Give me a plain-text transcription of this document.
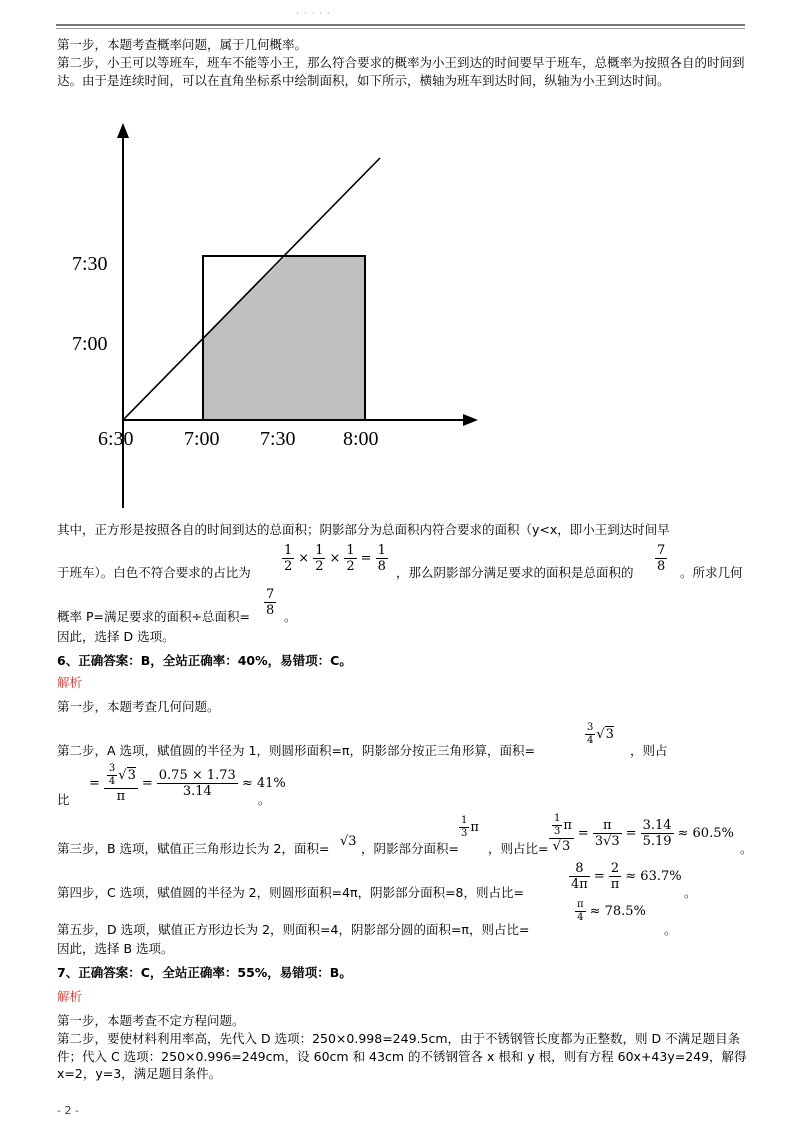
· · · · ·
第一步，本题考查概率问题，属于几何概率。
第二步，小王可以等班车，班车不能等小王，那么符合要求的概率为小王到达的时间要早于班车，总概率为按照各自的时间到达。由于是连续时间，可以在直角坐标系中绘制面积，如下所示，横轴为班车到达时间，纵轴为小王到达时间。
6:30	7:00 7:30 8:00
7:00
7:30
其中，正方形是按照各自的时间到达的总面积；阴影部分为总面积内符合要求的面积（y<x，即小王到达时间早
于班车）。白色不符合要求的占比为 $\frac{1}{2} \times \frac{1}{2} \times \frac{1}{2} = \frac{1}{8}$ ，那么阴影部分满足要求的面积是总面积的 $\frac{7}{8}$ 。所求几何
概率 P=满足要求的面积÷总面积= $\frac{7}{8}$ 。
因此，选择 D 选项。
6、正确答案：B，全站正确率：40%，易错项：C。
解析
第一步，本题考查几何问题。
第二步，A 选项，赋值圆的半径为 1，则圆形面积=π，阴影部分按正三角形算，面积=
$\frac{3}{4} √3$
，则占
比
= $\frac{\frac{3}{4} √3}{\pi} = \frac{0.75 \times 1.73}{3.14} \approx 41\%$
。
第三步，B 选项，赋值正三角形边长为 2，面积= √3 ，阴影部分面积=
$\frac{1}{3}$ π
，则占比= $\frac{\frac{1}{3} \pi}{√3} = \frac{\pi}{3√3} = \frac{3.14}{5.19} \approx 60.5\%$
。
第四步，C 选项，赋值圆的半径为 2，则圆形面积=4π，阴影部分面积=8，则占比=
$\frac{8}{4\pi} = \frac{2}{\pi} \approx 63.7\%$
。
第五步，D 选项，赋值正方形边长为 2，则面积=4，阴影部分圆的面积=π，则占比=
$\frac{\pi}{4} \approx 78.5\%$
。
因此，选择 B 选项。
7、正确答案：C，全站正确率：55%，易错项：B。
解析
第一步，本题考查不定方程问题。
第二步，要使材料利用率高，先代入 D 选项：250×0.998=249.5cm，由于不锈钢管长度都为正整数，则 D 不满足题目条件；代入 C 选项：250×0.996=249cm，设 60cm 和 43cm 的不锈钢管各 x 根和 y 根，则有方程 60x+43y=249，解得 x=2，y=3，满足题目条件。
- 2 -
